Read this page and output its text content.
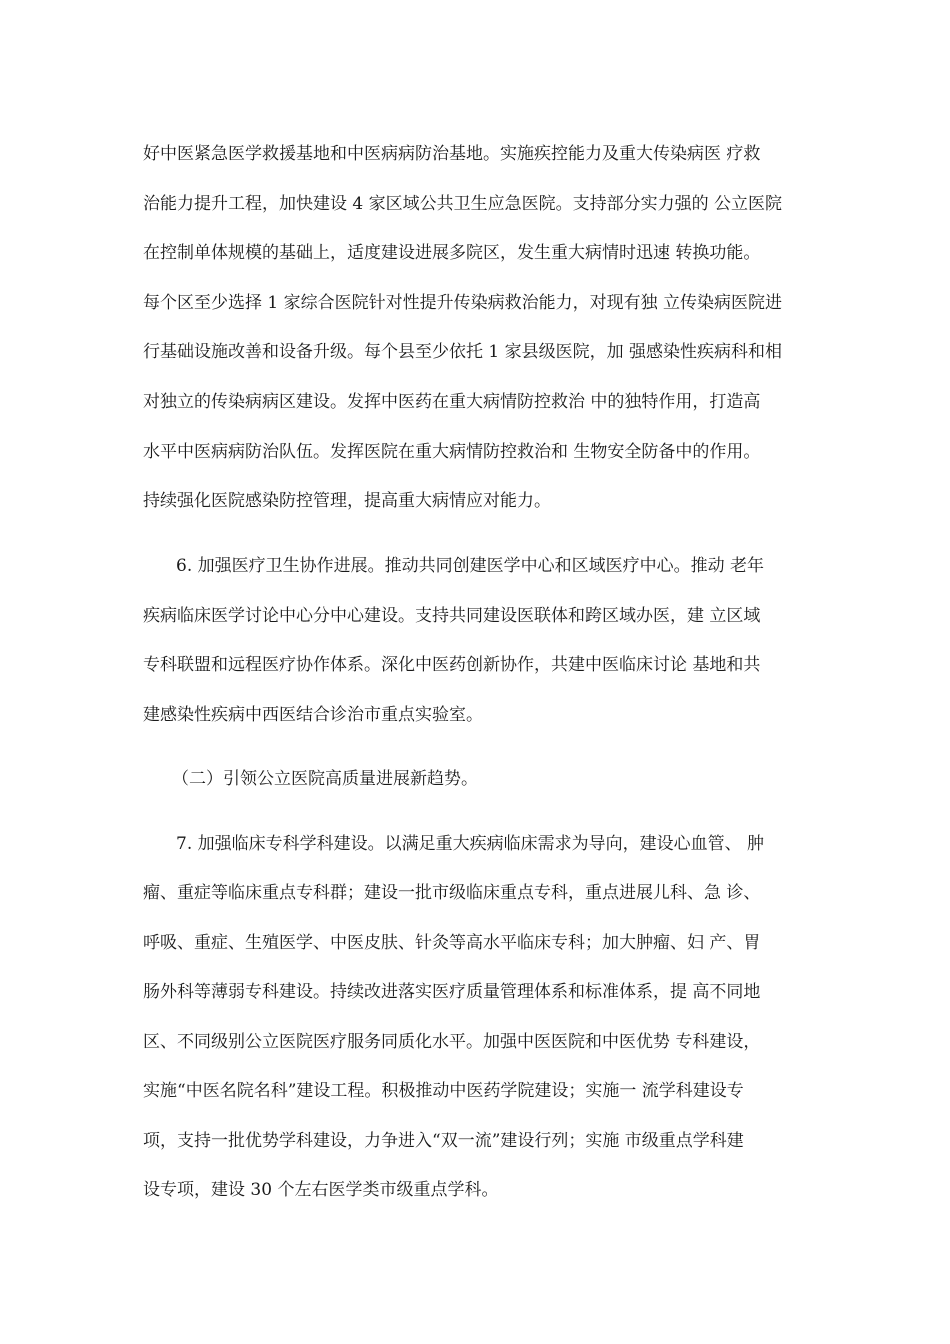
好中医紧急医学救援基地和中医病病防治基地。实施疾控能力及重大传染病医 疗救
治能力提升工程，加快建设 4 家区域公共卫生应急医院。支持部分实力强的 公立医院
在控制单体规模的基础上，适度建设进展多院区，发生重大病情时迅速 转换功能。
每个区至少选择 1 家综合医院针对性提升传染病救治能力，对现有独 立传染病医院进
行基础设施改善和设备升级。每个县至少依托 1 家县级医院，加 强感染性疾病科和相
对独立的传染病病区建设。发挥中医药在重大病情防控救治 中的独特作用，打造高
水平中医病病防治队伍。发挥医院在重大病情防控救治和 生物安全防备中的作用。
持续强化医院感染防控管理，提高重大病情应对能力。
6. 加强医疗卫生协作进展。推动共同创建医学中心和区域医疗中心。推动 老年
疾病临床医学讨论中心分中心建设。支持共同建设医联体和跨区域办医，建 立区域
专科联盟和远程医疗协作体系。深化中医药创新协作，共建中医临床讨论 基地和共
建感染性疾病中西医结合诊治市重点实验室。
（二）引领公立医院高质量进展新趋势。
7. 加强临床专科学科建设。以满足重大疾病临床需求为导向，建设心血管、 肿
瘤、重症等临床重点专科群；建设一批市级临床重点专科，重点进展儿科、急 诊、
呼吸、重症、生殖医学、中医皮肤、针灸等高水平临床专科；加大肿瘤、妇 产、胃
肠外科等薄弱专科建设。持续改进落实医疗质量管理体系和标准体系，提 高不同地
区、不同级别公立医院医疗服务同质化水平。加强中医医院和中医优势 专科建设，
实施“中医名院名科”建设工程。积极推动中医药学院建设；实施一 流学科建设专
项，支持一批优势学科建设，力争进入“双一流”建设行列；实施 市级重点学科建
设专项，建设 30 个左右医学类市级重点学科。
